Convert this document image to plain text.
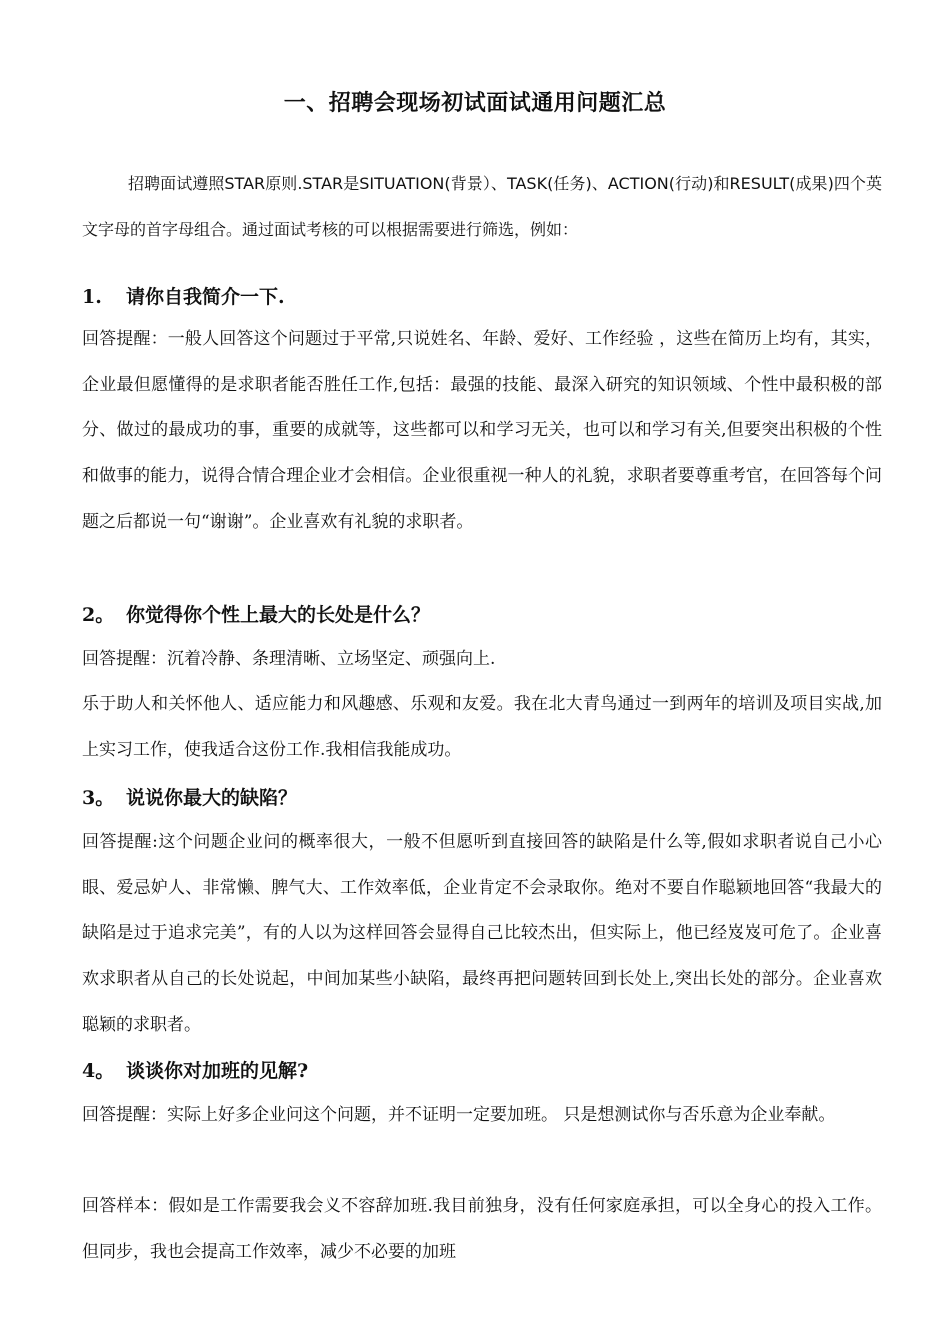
一、招聘会现场初试面试通用问题汇总

招聘面试遵照STAR原则.STAR是SITUATION(背景）、TASK(任务)、ACTION(行动)和RESULT(成果)四个英文字母的首字母组合。通过面试考核的可以根据需要进行筛选，例如：

1. 请你自我简介一下.

回答提醒：一般人回答这个问题过于平常,只说姓名、年龄、爱好、工作经验 ，这些在简历上均有，其实，企业最但愿懂得的是求职者能否胜任工作,包括：最强的技能、最深入研究的知识领域、个性中最积极的部分、做过的最成功的事，重要的成就等，这些都可以和学习无关，也可以和学习有关,但要突出积极的个性和做事的能力，说得合情合理企业才会相信。企业很重视一种人的礼貌，求职者要尊重考官，在回答每个问题之后都说一句“谢谢”。企业喜欢有礼貌的求职者。

2。 你觉得你个性上最大的长处是什么？

回答提醒：沉着冷静、条理清晰、立场坚定、顽强向上.

乐于助人和关怀他人、适应能力和风趣感、乐观和友爱。我在北大青鸟通过一到两年的培训及项目实战,加上实习工作，使我适合这份工作.我相信我能成功。

3。 说说你最大的缺陷？

回答提醒:这个问题企业问的概率很大，一般不但愿听到直接回答的缺陷是什么等,假如求职者说自己小心眼、爱忌妒人、非常懒、脾气大、工作效率低，企业肯定不会录取你。绝对不要自作聪颖地回答“我最大的缺陷是过于追求完美”，有的人以为这样回答会显得自己比较杰出，但实际上，他已经岌岌可危了。企业喜欢求职者从自己的长处说起，中间加某些小缺陷，最终再把问题转回到长处上,突出长处的部分。企业喜欢聪颖的求职者。

4。 谈谈你对加班的见解?

回答提醒：实际上好多企业问这个问题，并不证明一定要加班。 只是想测试你与否乐意为企业奉献。

回答样本：假如是工作需要我会义不容辞加班.我目前独身，没有任何家庭承担，可以全身心的投入工作。但同步，我也会提高工作效率，减少不必要的加班
